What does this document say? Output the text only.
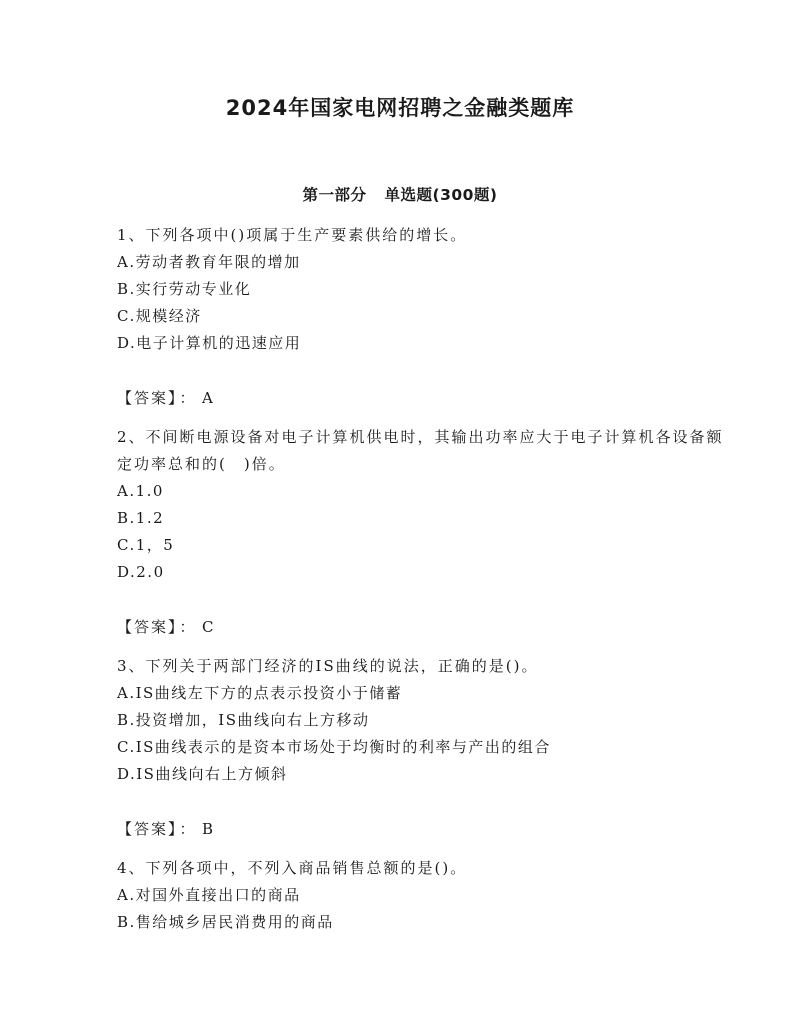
2024年国家电网招聘之金融类题库
第一部分 单选题(300题)

1、下列各项中()项属于生产要素供给的增长。

A.劳动者教育年限的增加

B.实行劳动专业化

C.规模经济

D.电子计算机的迅速应用

【答案】 ： A

2、不间断电源设备对电子计算机供电时，其输出功率应大于电子计算机各设备额定功率总和的(　)倍。

A.1.0

B.1.2

C.1，5

D.2.0

【答案】 ： C

3、下列关于两部门经济的IS曲线的说法，正确的是()。

A.IS曲线左下方的点表示投资小于储蓄

B.投资增加，IS曲线向右上方移动

C.IS曲线表示的是资本市场处于均衡时的利率与产出的组合

D.IS曲线向右上方倾斜

【答案】 ： B

4、下列各项中，不列入商品销售总额的是()。

A.对国外直接出口的商品

B.售给城乡居民消费用的商品
